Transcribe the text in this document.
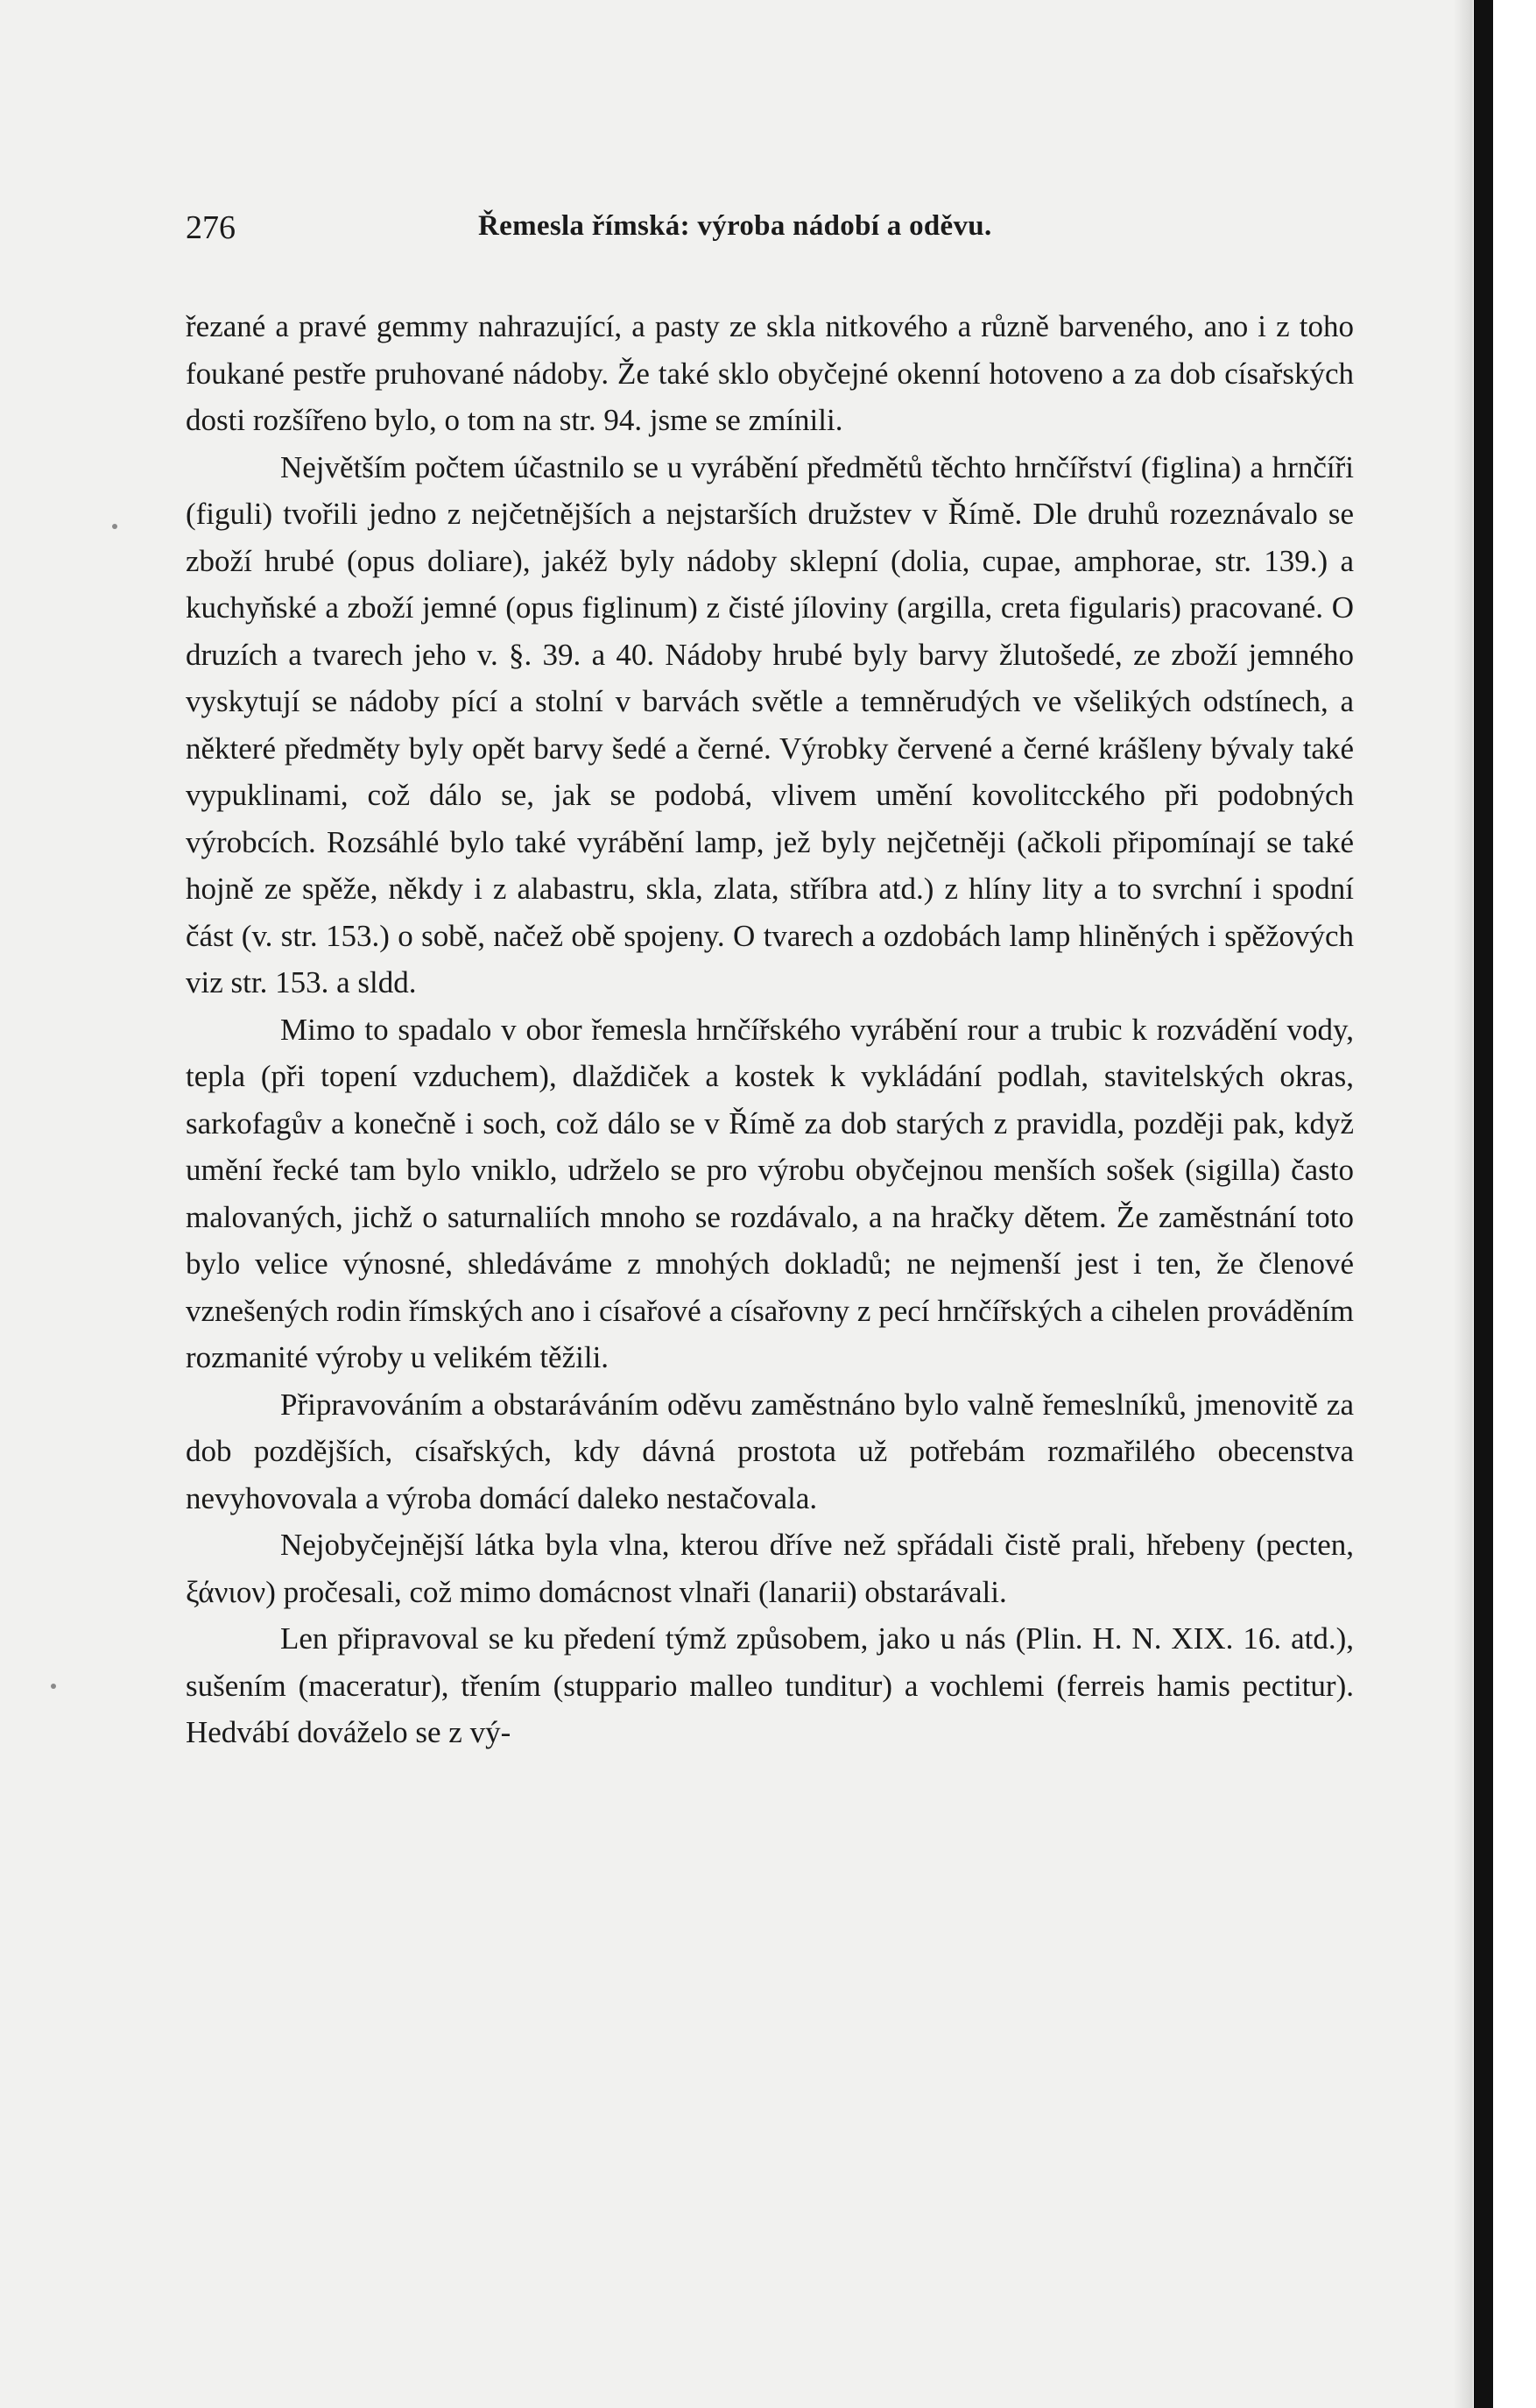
276	Řemesla římská: výroba nádobí a oděvu.

řezané a pravé gemmy nahrazující, a pasty ze skla nitkového a různě barveného, ano i z toho foukané pestře pruhované nádoby. Že také sklo obyčejné okenní hotoveno a za dob císařských dosti rozšířeno bylo, o tom na str. 94. jsme se zmínili.

Největším počtem účastnilo se u vyrábění předmětů těchto hrnčířství (figlina) a hrnčíři (figuli) tvořili jedno z nejčetnějších a nejstarších družstev v Římě. Dle druhů rozeznávalo se zboží hrubé (opus doliare), jakéž byly nádoby sklepní (dolia, cupae, amphorae, str. 139.) a kuchyňské a zboží jemné (opus figlinum) z čisté jíloviny (argilla, creta figularis) pracované. O druzích a tvarech jeho v. §. 39. a 40. Nádoby hrubé byly barvy žlutošedé, ze zboží jemného vyskytují se nádoby pící a stolní v barvách světle a temněrudých ve všelikých odstínech, a některé předměty byly opět barvy šedé a černé. Výrobky červené a černé krášleny bývaly také vypuklinami, což dálo se, jak se podobá, vlivem umění kovolitcckého při podobných výrobcích. Rozsáhlé bylo také vyrábění lamp, jež byly nejčetněji (ačkoli připomínají se také hojně ze spěže, někdy i z alabastru, skla, zlata, stříbra atd.) z hlíny lity a to svrchní i spodní část (v. str. 153.) o sobě, načež obě spojeny. O tvarech a ozdobách lamp hliněných i spěžových viz str. 153. a sldd.

Mimo to spadalo v obor řemesla hrnčířského vyrábění rour a trubic k rozvádění vody, tepla (při topení vzduchem), dlaždiček a kostek k vykládání podlah, stavitelských okras, sarkofagův a konečně i soch, což dálo se v Římě za dob starých z pravidla, později pak, když umění řecké tam bylo vniklo, udrželo se pro výrobu obyčejnou menších sošek (sigilla) často malovaných, jichž o saturnaliích mnoho se rozdávalo, a na hračky dětem. Že zaměstnání toto bylo velice výnosné, shledáváme z mnohých dokladů; ne nejmenší jest i ten, že členové vznešených rodin římských ano i císařové a císařovny z pecí hrnčířských a cihelen prováděním rozmanité výroby u velikém těžili.

Připravováním a obstaráváním oděvu zaměstnáno bylo valně řemeslníků, jmenovitě za dob pozdějších, císařských, kdy dávná prostota už potřebám rozmařilého obecenstva nevyhovovala a výroba domácí daleko nestačovala.

Nejobyčejnější látka byla vlna, kterou dříve než spřádali čistě prali, hřebeny (pecten, ξάνιον) pročesali, což mimo domácnost vlnaři (lanarii) obstarávali.

Len připravoval se ku předení týmž způsobem, jako u nás (Plin. H. N. XIX. 16. atd.), sušením (maceratur), třením (stuppario malleo tunditur) a vochlemi (ferreis hamis pectitur). Hedvábí dováželo se z vý-
